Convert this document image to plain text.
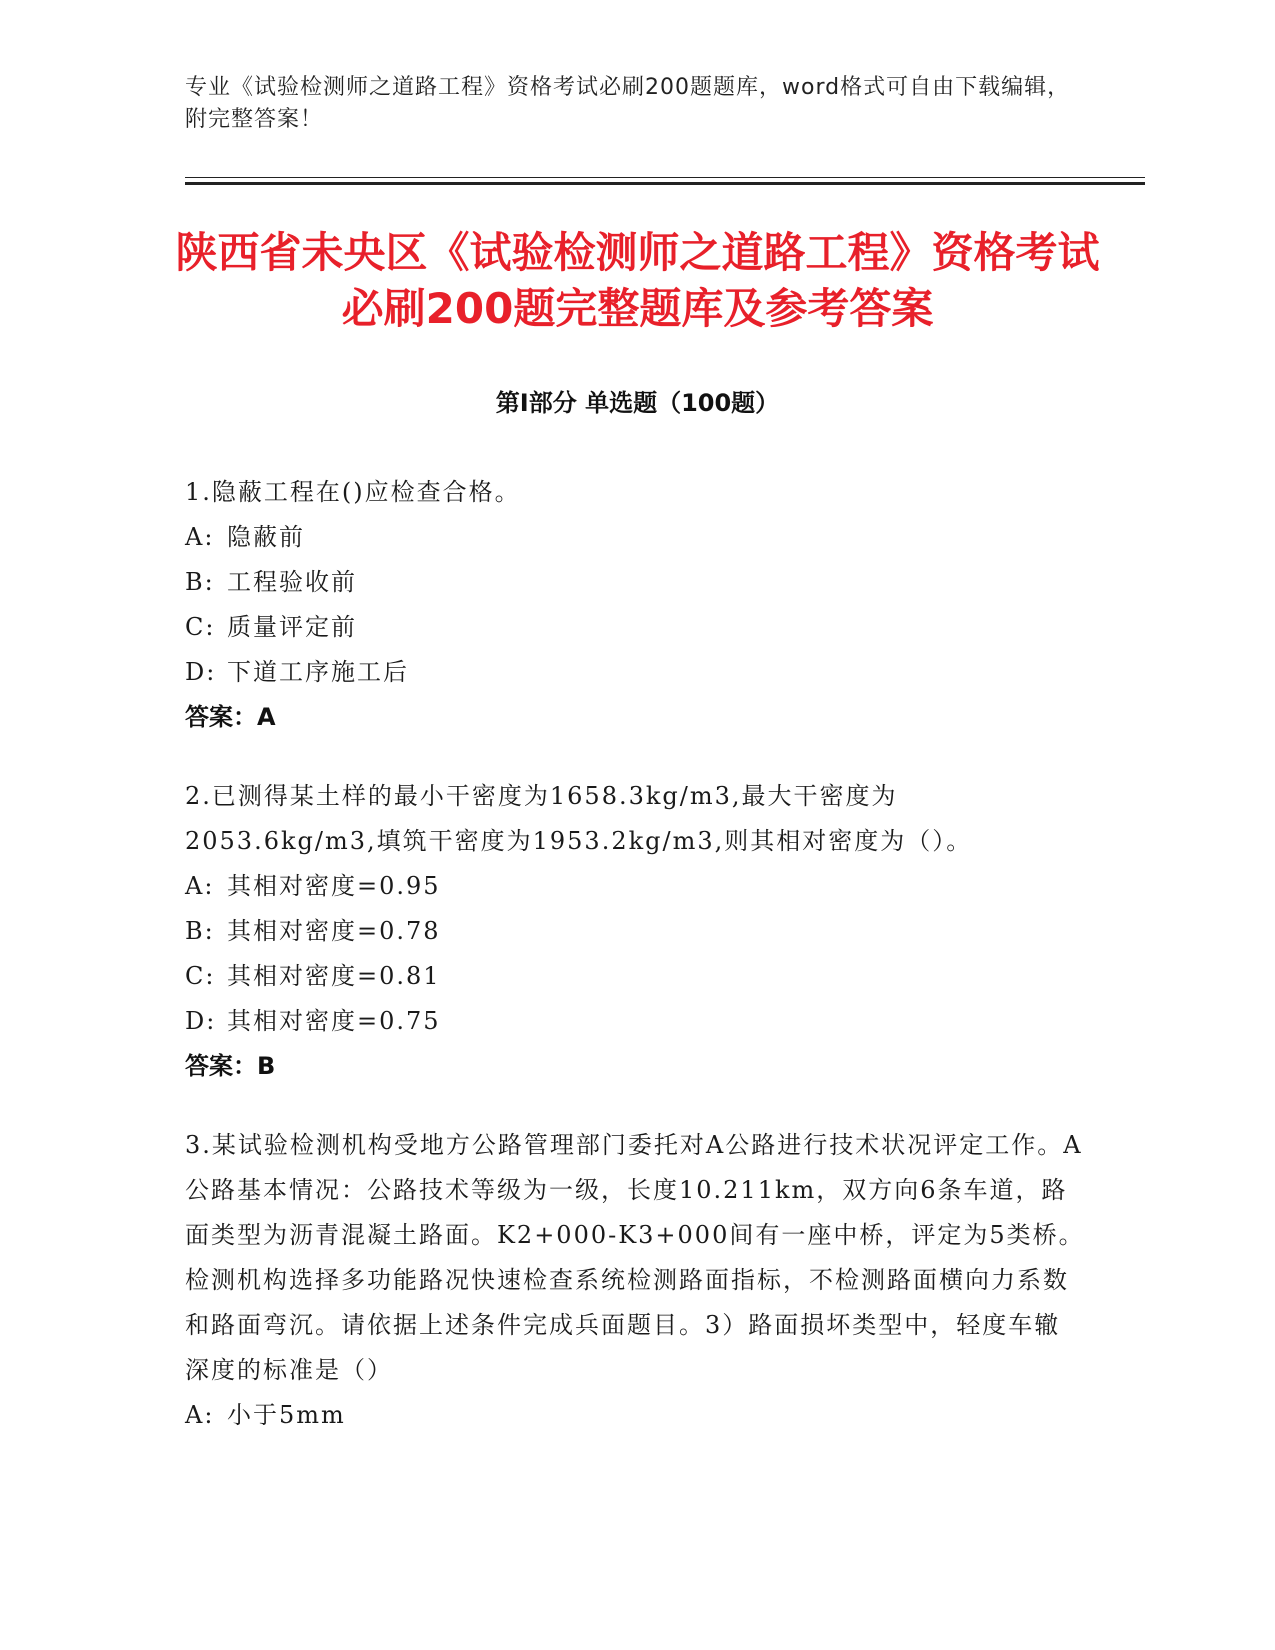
专业《试验检测师之道路工程》资格考试必刷200题题库，word格式可自由下载编辑，附完整答案！
陕西省未央区《试验检测师之道路工程》资格考试必刷200题完整题库及参考答案
第Ⅰ部分 单选题（100题）
1.隐蔽工程在()应检查合格。
A: 隐蔽前
B: 工程验收前
C: 质量评定前
D: 下道工序施工后
答案：A
2.已测得某土样的最小干密度为1658.3kg/m3,最大干密度为2053.6kg/m3,填筑干密度为1953.2kg/m3,则其相对密度为（）。
A: 其相对密度=0.95
B: 其相对密度=0.78
C: 其相对密度=0.81
D: 其相对密度=0.75
答案：B
3.某试验检测机构受地方公路管理部门委托对A公路进行技术状况评定工作。A公路基本情况：公路技术等级为一级，长度10.211km，双方向6条车道，路面类型为沥青混凝土路面。K2+000-K3+000间有一座中桥，评定为5类桥。检测机构选择多功能路况快速检查系统检测路面指标，不检测路面横向力系数和路面弯沉。请依据上述条件完成兵面题目。3）路面损坏类型中，轻度车辙深度的标准是（）
A: 小于5mm
